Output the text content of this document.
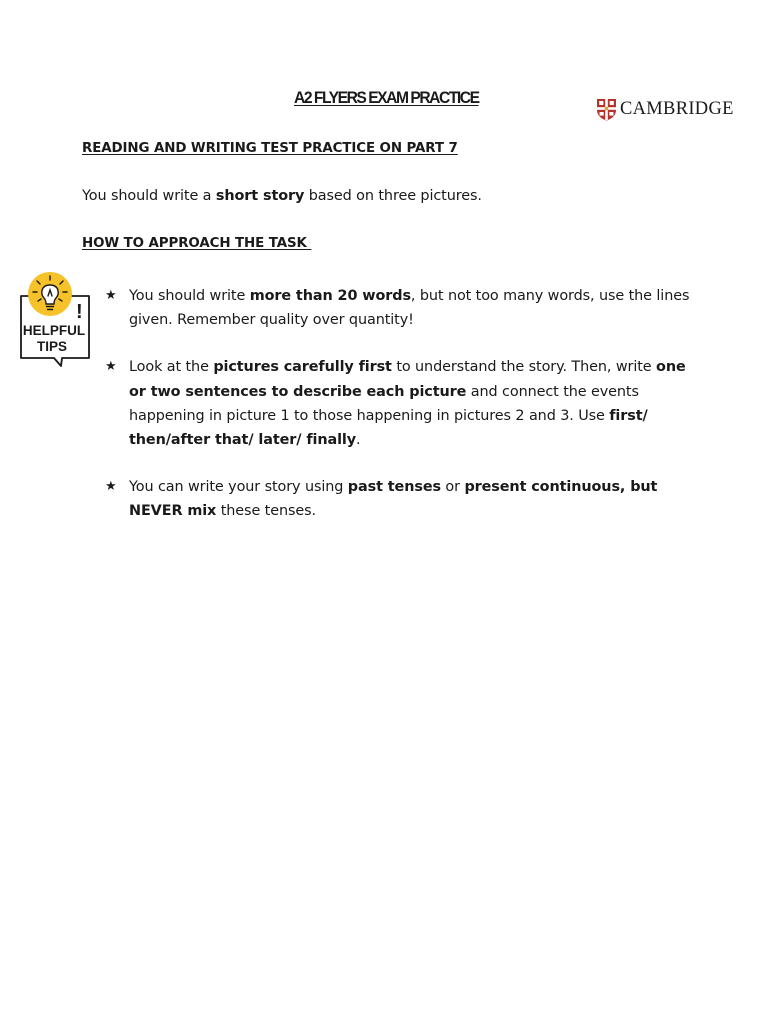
A2 FLYERS EXAM PRACTICE
CAMBRIDGE
READING AND WRITING TEST PRACTICE ON PART 7
You should write a short story based on three pictures.
HOW TO APPROACH THE TASK
!
HELPFUL
TIPS
★ You should write more than 20 words, but not too many words, use the lines given. Remember quality over quantity!
★ Look at the pictures carefully first to understand the story. Then, write one or two sentences to describe each picture and connect the events happening in picture 1 to those happening in pictures 2 and 3. Use first/ then/after that/ later/ finally.
★ You can write your story using past tenses or present continuous, but NEVER mix these tenses.
